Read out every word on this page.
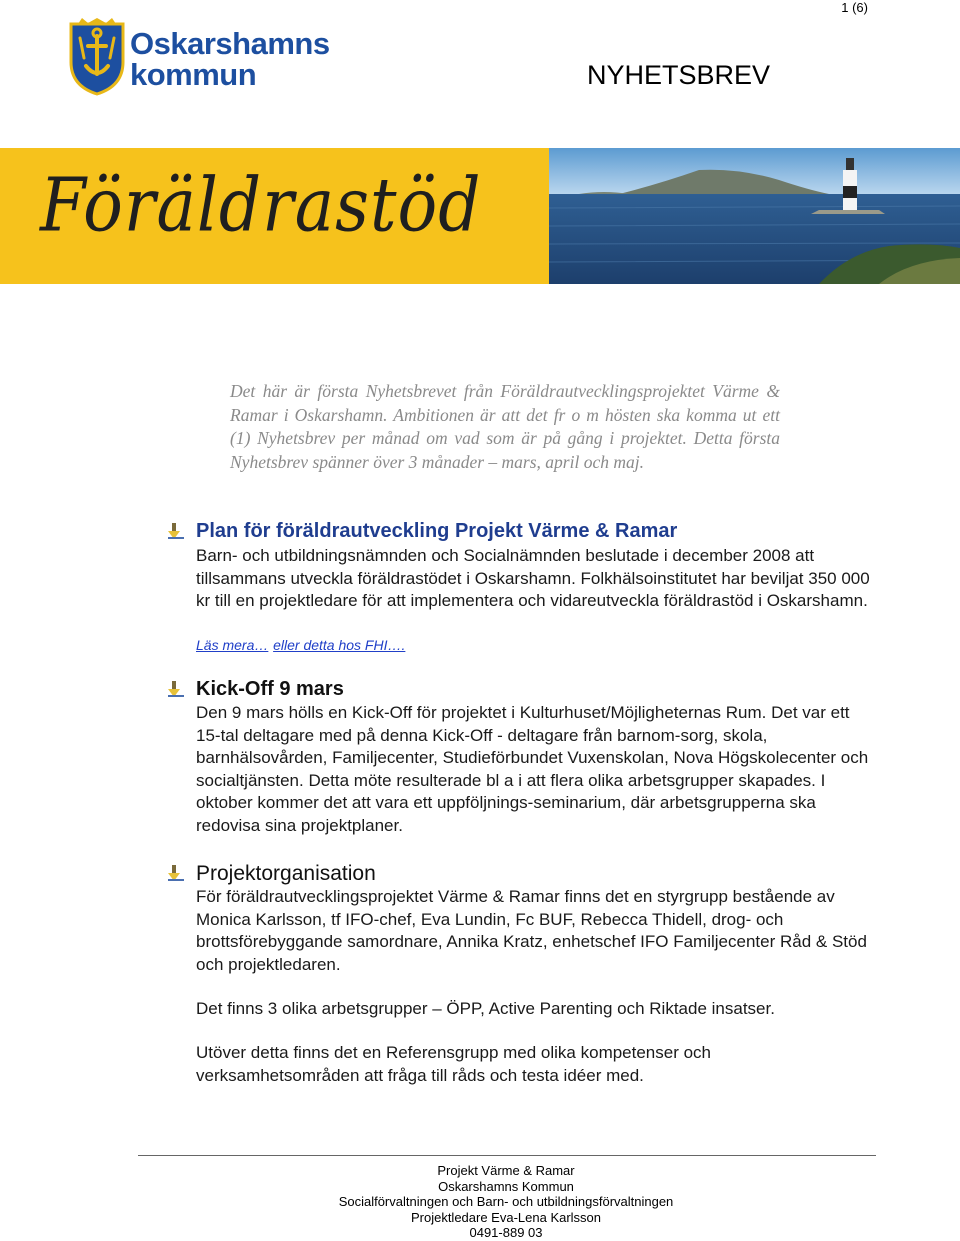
1 (6)
Oskarshamns
kommun	NYHETSBREV
Föräldrastöd
Det här är första Nyhetsbrevet från Föräldrautvecklingsprojektet Värme & Ramar i Oskarshamn. Ambitionen är att det fr o m hösten ska komma ut ett (1) Nyhetsbrev per månad om vad som är på gång i projektet. Detta första Nyhetsbrev spänner över 3 månader – mars, april och maj.
Plan för föräldrautveckling Projekt Värme & Ramar
Barn- och utbildningsnämnden och Socialnämnden beslutade i december 2008 att tillsammans utveckla föräldrastödet i Oskarshamn. Folkhälsoinstitutet har beviljat 350 000 kr till en projektledare för att implementera och vidareutveckla föräldrastöd i Oskarshamn.
Läs mera… eller detta hos FHI….
Kick-Off 9 mars
Den 9 mars hölls en Kick-Off för projektet i Kulturhuset/Möjligheternas Rum. Det var ett 15-tal deltagare med på denna Kick-Off - deltagare från barnom-sorg, skola, barnhälsovården, Familjecenter, Studieförbundet Vuxenskolan, Nova Högskolecenter och socialtjänsten. Detta möte resulterade bl a i att flera olika arbetsgrupper skapades. I oktober kommer det att vara ett uppföljnings-seminarium, där arbetsgrupperna ska redovisa sina projektplaner.
Projektorganisation
För föräldrautvecklingsprojektet Värme & Ramar finns det en styrgrupp bestående av Monica Karlsson, tf IFO-chef, Eva Lundin, Fc BUF, Rebecca Thidell, drog- och brottsförebyggande samordnare, Annika Kratz, enhetschef IFO Familjecenter Råd & Stöd och projektledaren.
Det finns 3 olika arbetsgrupper – ÖPP, Active Parenting och Riktade insatser.
Utöver detta finns det en Referensgrupp med olika kompetenser och verksamhetsområden att fråga till råds och testa idéer med.
Projekt Värme & Ramar
Oskarshamns Kommun
Socialförvaltningen och Barn- och utbildningsförvaltningen
Projektledare Eva-Lena Karlsson
0491-889 03
